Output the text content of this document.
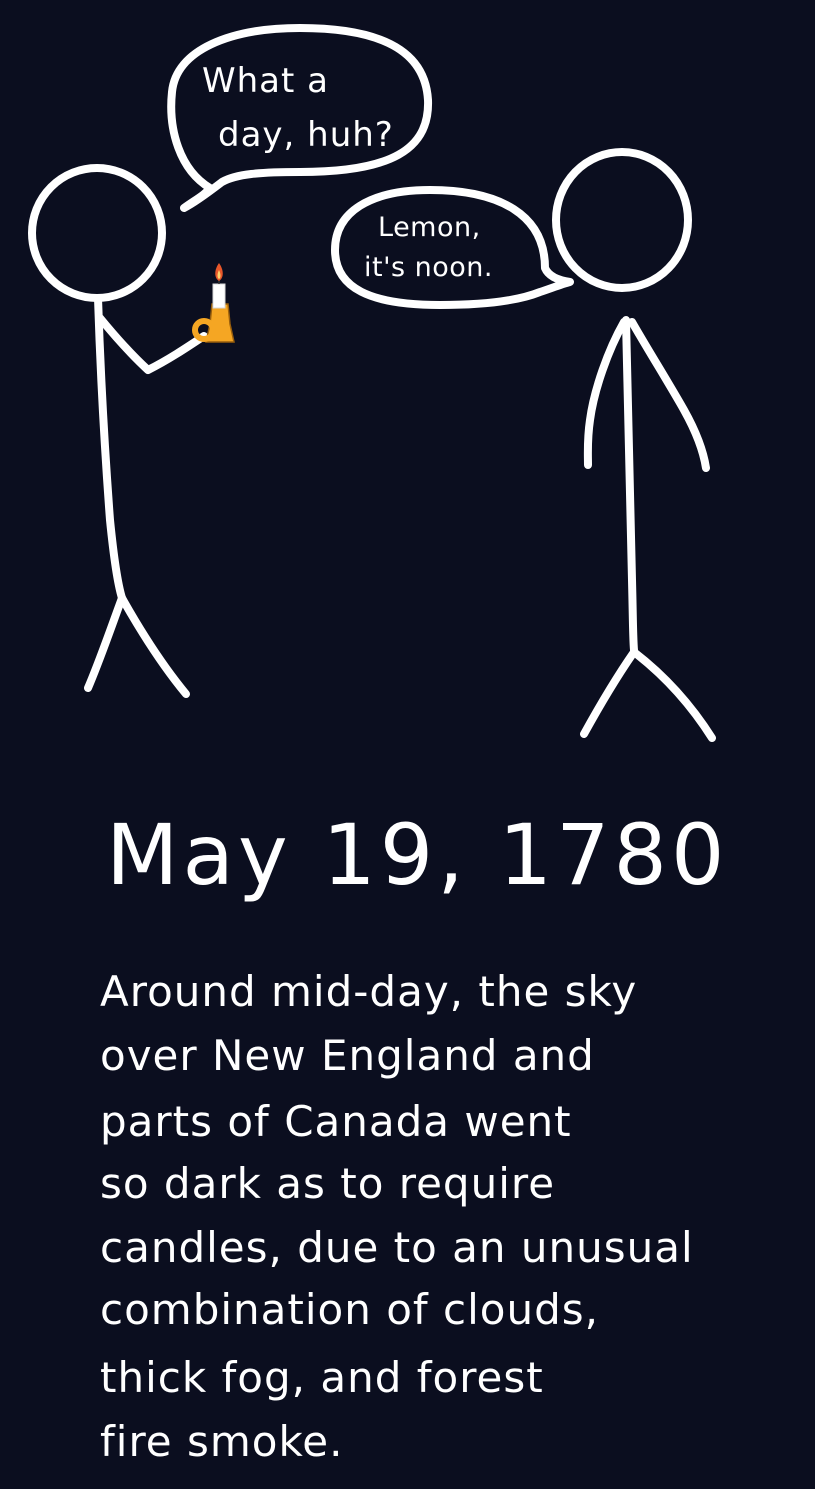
What a
day, huh?
Lemon,
it's noon.
May 19, 1780
Around mid-day, the sky
over New England and
parts of Canada went
so dark as to require
candles, due to an unusual
combination of clouds,
thick fog, and forest
fire smoke.
